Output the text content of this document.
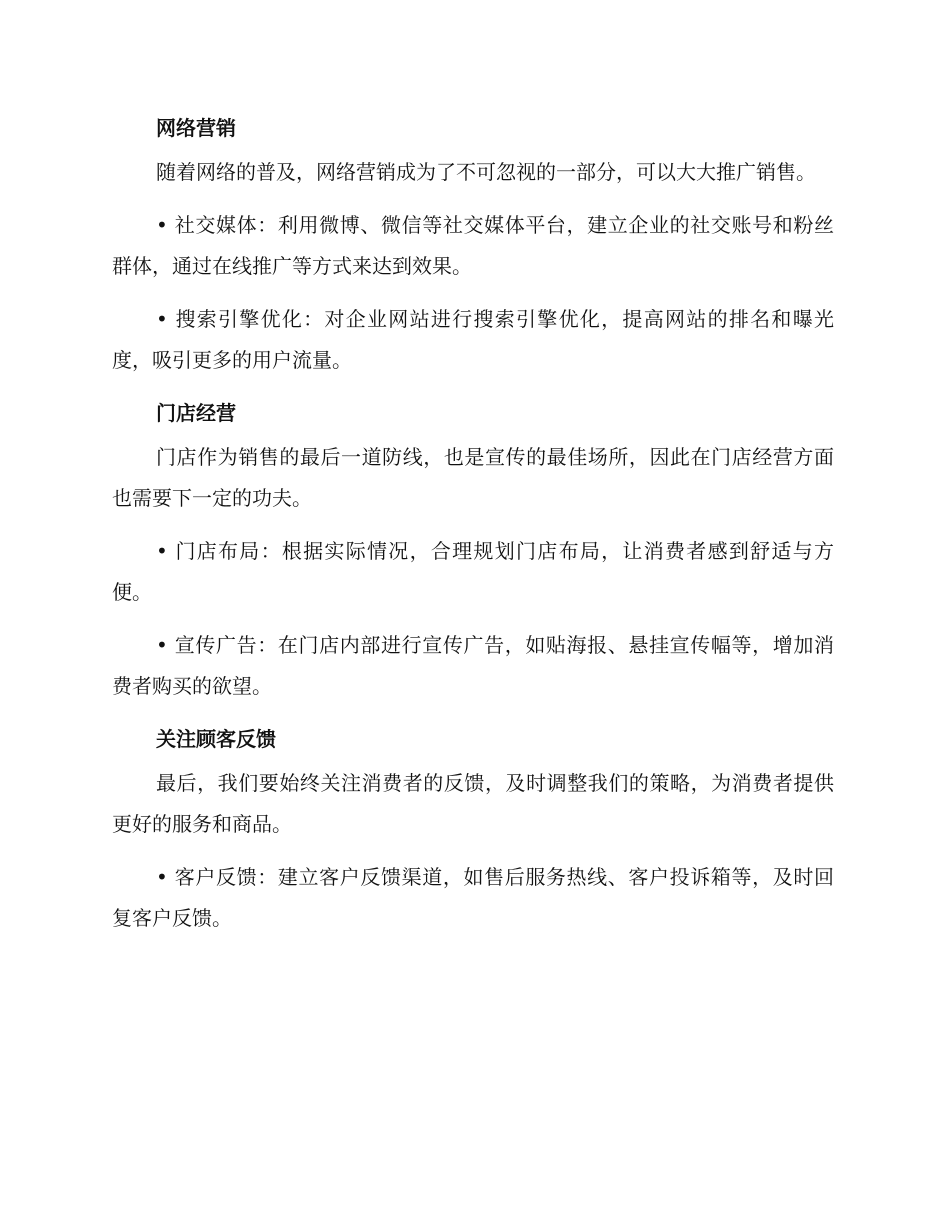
网络营销

随着网络的普及，网络营销成为了不可忽视的一部分，可以大大推广销售。

• 社交媒体：利用微博、微信等社交媒体平台，建立企业的社交账号和粉丝群体，通过在线推广等方式来达到效果。

• 搜索引擎优化：对企业网站进行搜索引擎优化，提高网站的排名和曝光度，吸引更多的用户流量。

门店经营

门店作为销售的最后一道防线，也是宣传的最佳场所，因此在门店经营方面也需要下一定的功夫。

• 门店布局：根据实际情况，合理规划门店布局，让消费者感到舒适与方便。

• 宣传广告：在门店内部进行宣传广告，如贴海报、悬挂宣传幅等，增加消费者购买的欲望。

关注顾客反馈

最后，我们要始终关注消费者的反馈，及时调整我们的策略，为消费者提供更好的服务和商品。

• 客户反馈：建立客户反馈渠道，如售后服务热线、客户投诉箱等，及时回复客户反馈。
